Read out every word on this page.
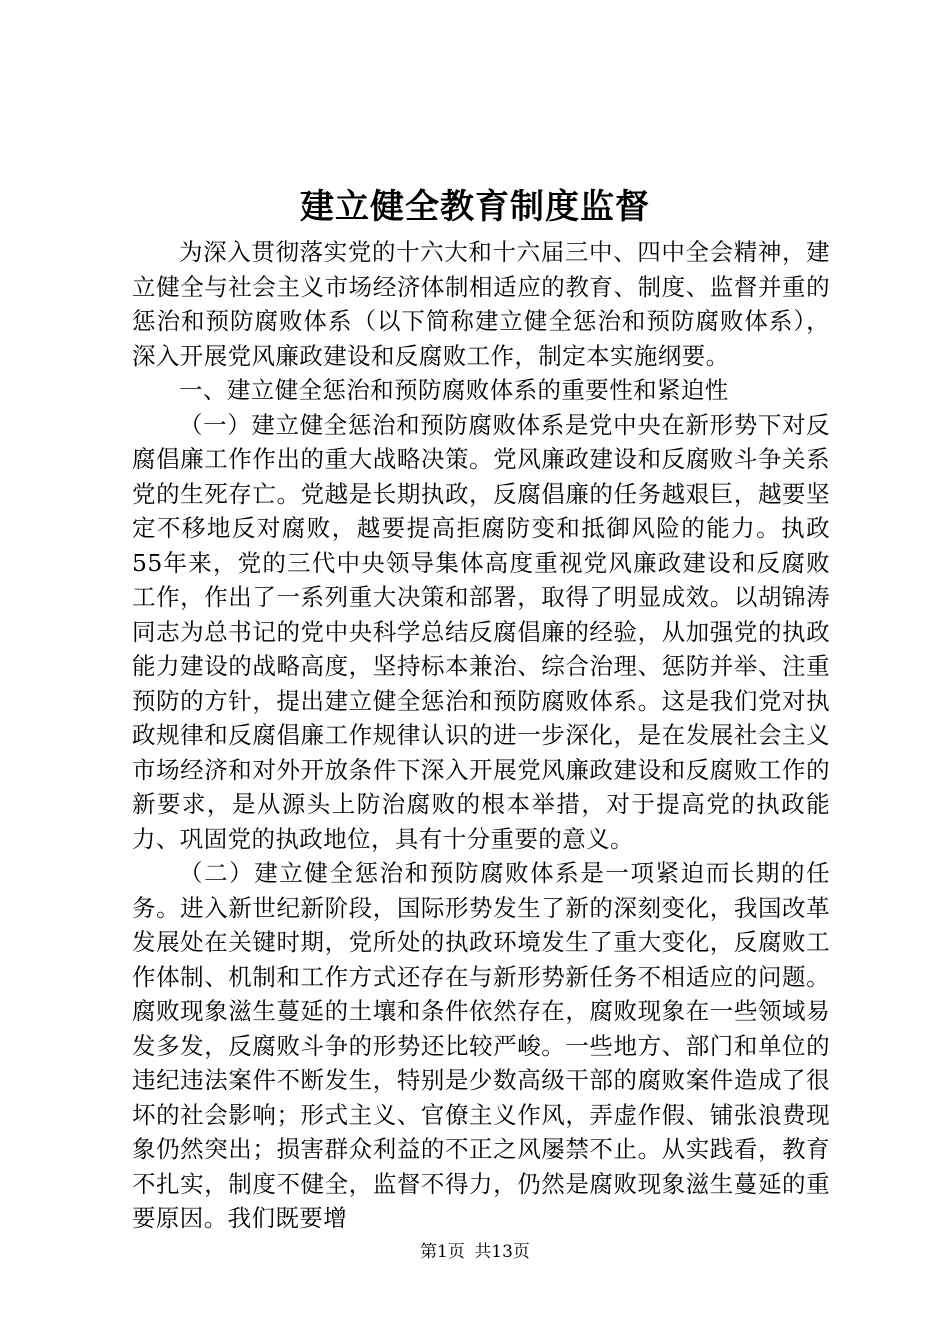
建立健全教育制度监督

为深入贯彻落实党的十六大和十六届三中、四中全会精神，建立健全与社会主义市场经济体制相适应的教育、制度、监督并重的惩治和预防腐败体系（以下简称建立健全惩治和预防腐败体系），深入开展党风廉政建设和反腐败工作，制定本实施纲要。

一、建立健全惩治和预防腐败体系的重要性和紧迫性

（一）建立健全惩治和预防腐败体系是党中央在新形势下对反腐倡廉工作作出的重大战略决策。党风廉政建设和反腐败斗争关系党的生死存亡。党越是长期执政，反腐倡廉的任务越艰巨，越要坚定不移地反对腐败，越要提高拒腐防变和抵御风险的能力。执政55年来，党的三代中央领导集体高度重视党风廉政建设和反腐败工作，作出了一系列重大决策和部署，取得了明显成效。以胡锦涛同志为总书记的党中央科学总结反腐倡廉的经验，从加强党的执政能力建设的战略高度，坚持标本兼治、综合治理、惩防并举、注重预防的方针，提出建立健全惩治和预防腐败体系。这是我们党对执政规律和反腐倡廉工作规律认识的进一步深化，是在发展社会主义市场经济和对外开放条件下深入开展党风廉政建设和反腐败工作的新要求，是从源头上防治腐败的根本举措，对于提高党的执政能力、巩固党的执政地位，具有十分重要的意义。

（二）建立健全惩治和预防腐败体系是一项紧迫而长期的任务。进入新世纪新阶段，国际形势发生了新的深刻变化，我国改革发展处在关键时期，党所处的执政环境发生了重大变化，反腐败工作体制、机制和工作方式还存在与新形势新任务不相适应的问题。腐败现象滋生蔓延的土壤和条件依然存在，腐败现象在一些领域易发多发，反腐败斗争的形势还比较严峻。一些地方、部门和单位的违纪违法案件不断发生，特别是少数高级干部的腐败案件造成了很坏的社会影响；形式主义、官僚主义作风，弄虚作假、铺张浪费现象仍然突出；损害群众利益的不正之风屡禁不止。从实践看，教育不扎实，制度不健全，监督不得力，仍然是腐败现象滋生蔓延的重要原因。我们既要增

第1页 共13页
